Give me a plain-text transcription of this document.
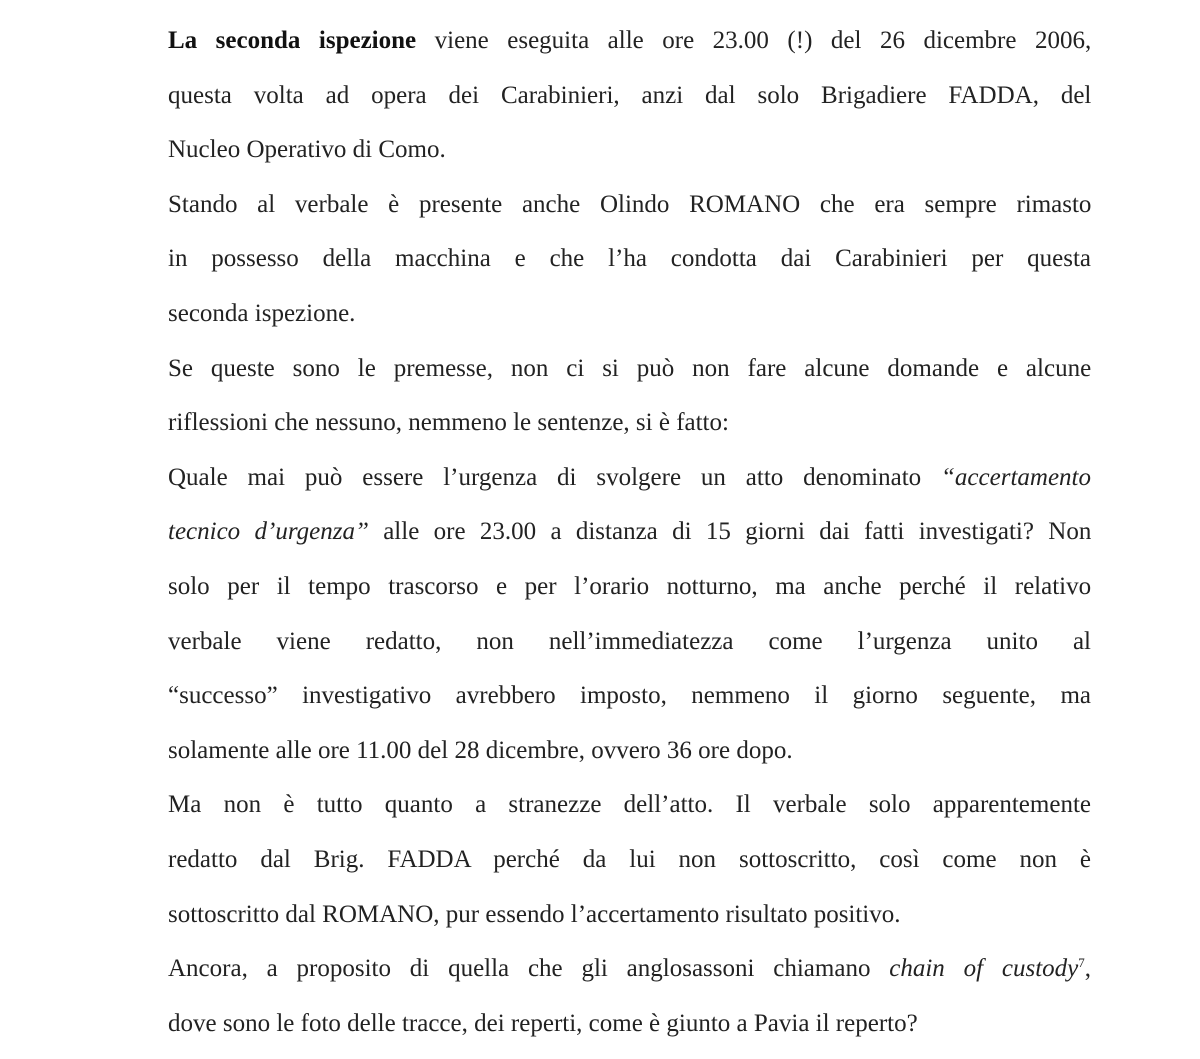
La seconda ispezione viene eseguita alle ore 23.00 (!) del 26 dicembre 2006,
questa volta ad opera dei Carabinieri, anzi dal solo Brigadiere FADDA, del
Nucleo Operativo di Como.
Stando al verbale è presente anche Olindo ROMANO che era sempre rimasto
in possesso della macchina e che l’ha condotta dai Carabinieri per questa
seconda ispezione.
Se queste sono le premesse, non ci si può non fare alcune domande e alcune
riflessioni che nessuno, nemmeno le sentenze, si è fatto:
Quale mai può essere l’urgenza di svolgere un atto denominato “accertamento
tecnico d’urgenza” alle ore 23.00 a distanza di 15 giorni dai fatti investigati? Non
solo per il tempo trascorso e per l’orario notturno, ma anche perché il relativo
verbale viene redatto, non nell’immediatezza come l’urgenza unito al
“successo” investigativo avrebbero imposto, nemmeno il giorno seguente, ma
solamente alle ore 11.00 del 28 dicembre, ovvero 36 ore dopo.
Ma non è tutto quanto a stranezze dell’atto. Il verbale solo apparentemente
redatto dal Brig. FADDA perché da lui non sottoscritto, così come non è
sottoscritto dal ROMANO, pur essendo l’accertamento risultato positivo.
Ancora, a proposito di quella che gli anglosassoni chiamano chain of custody$^7$,
dove sono le foto delle tracce, dei reperti, come è giunto a Pavia il reperto?
